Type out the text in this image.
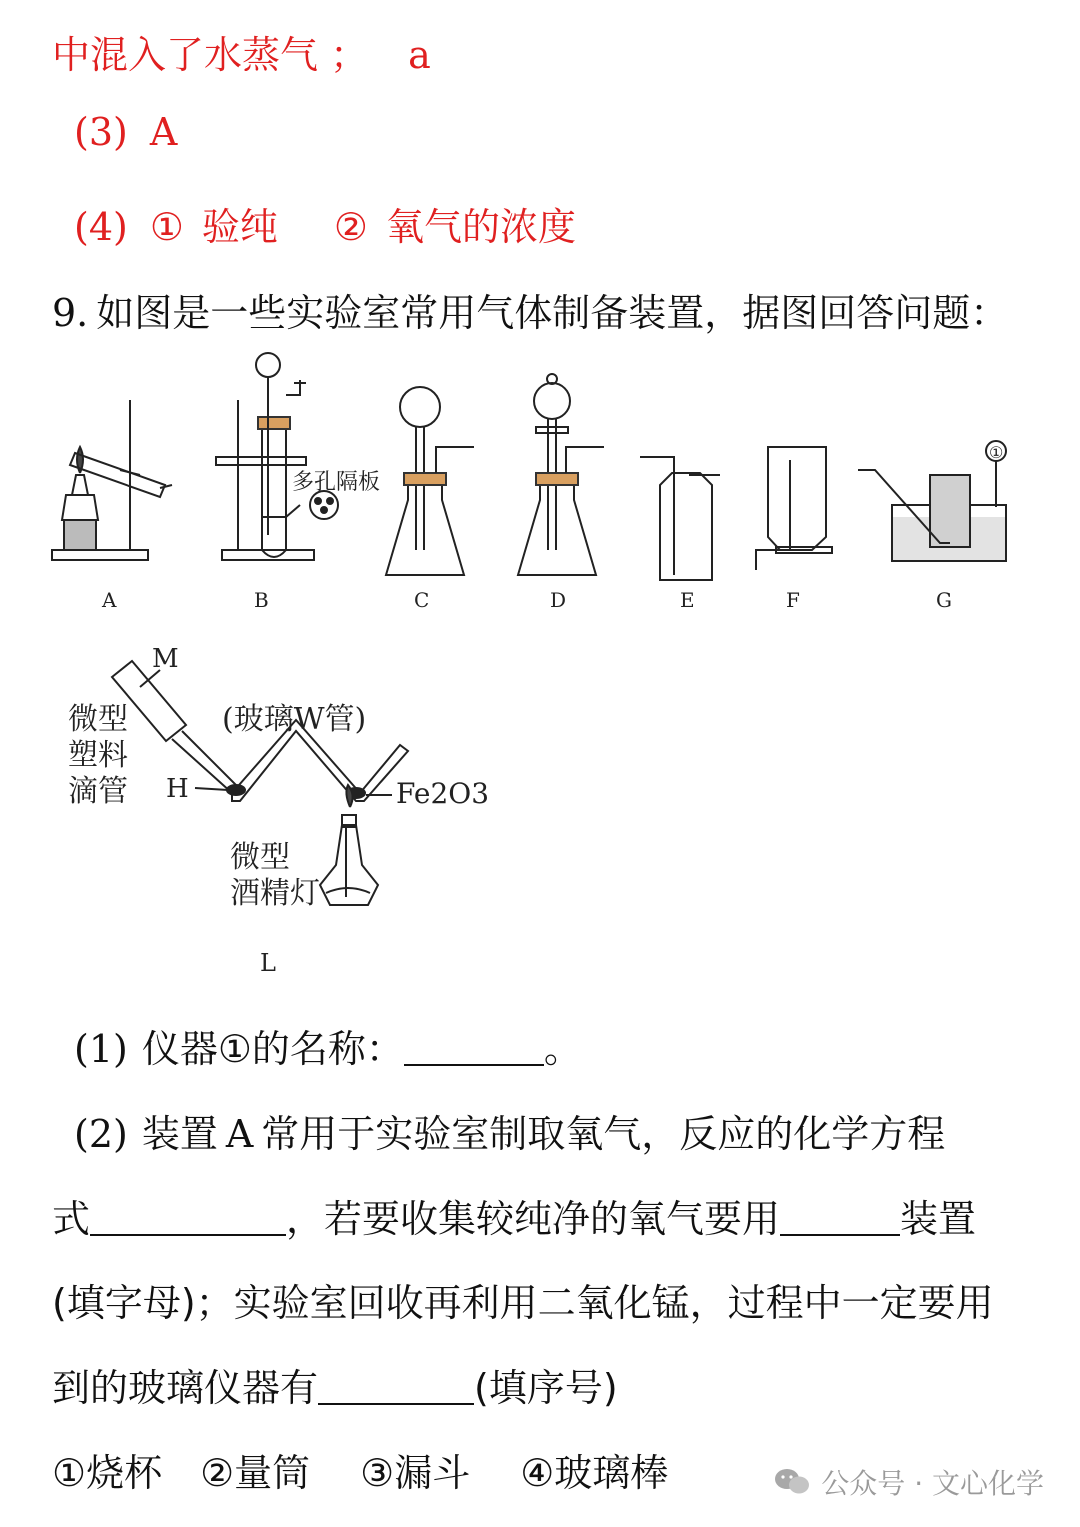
中混入了水蒸气 ； a
(3) A
(4) ① 验纯 ② 氧气的浓度
9. 如图是一些实验室常用气体制备装置，据图回答问题：
多孔隔板
①
A	B	C	D	E	F	G
M
H
微型
塑料
滴管
(玻璃W管)
Fe2O3
微型
酒精灯
L
(1) 仪器①的名称：	。
(2) 装置 A 常用于实验室制取氧气，反应的化学方程
式	，若要收集较纯净的氧气要用	装置
(填字母)；实验室回收再利用二氧化锰，过程中一定要用
到的玻璃仪器有	(填序号)
①烧杯 ②量筒 ③漏斗 ④玻璃棒	公众号 · 文心化学
